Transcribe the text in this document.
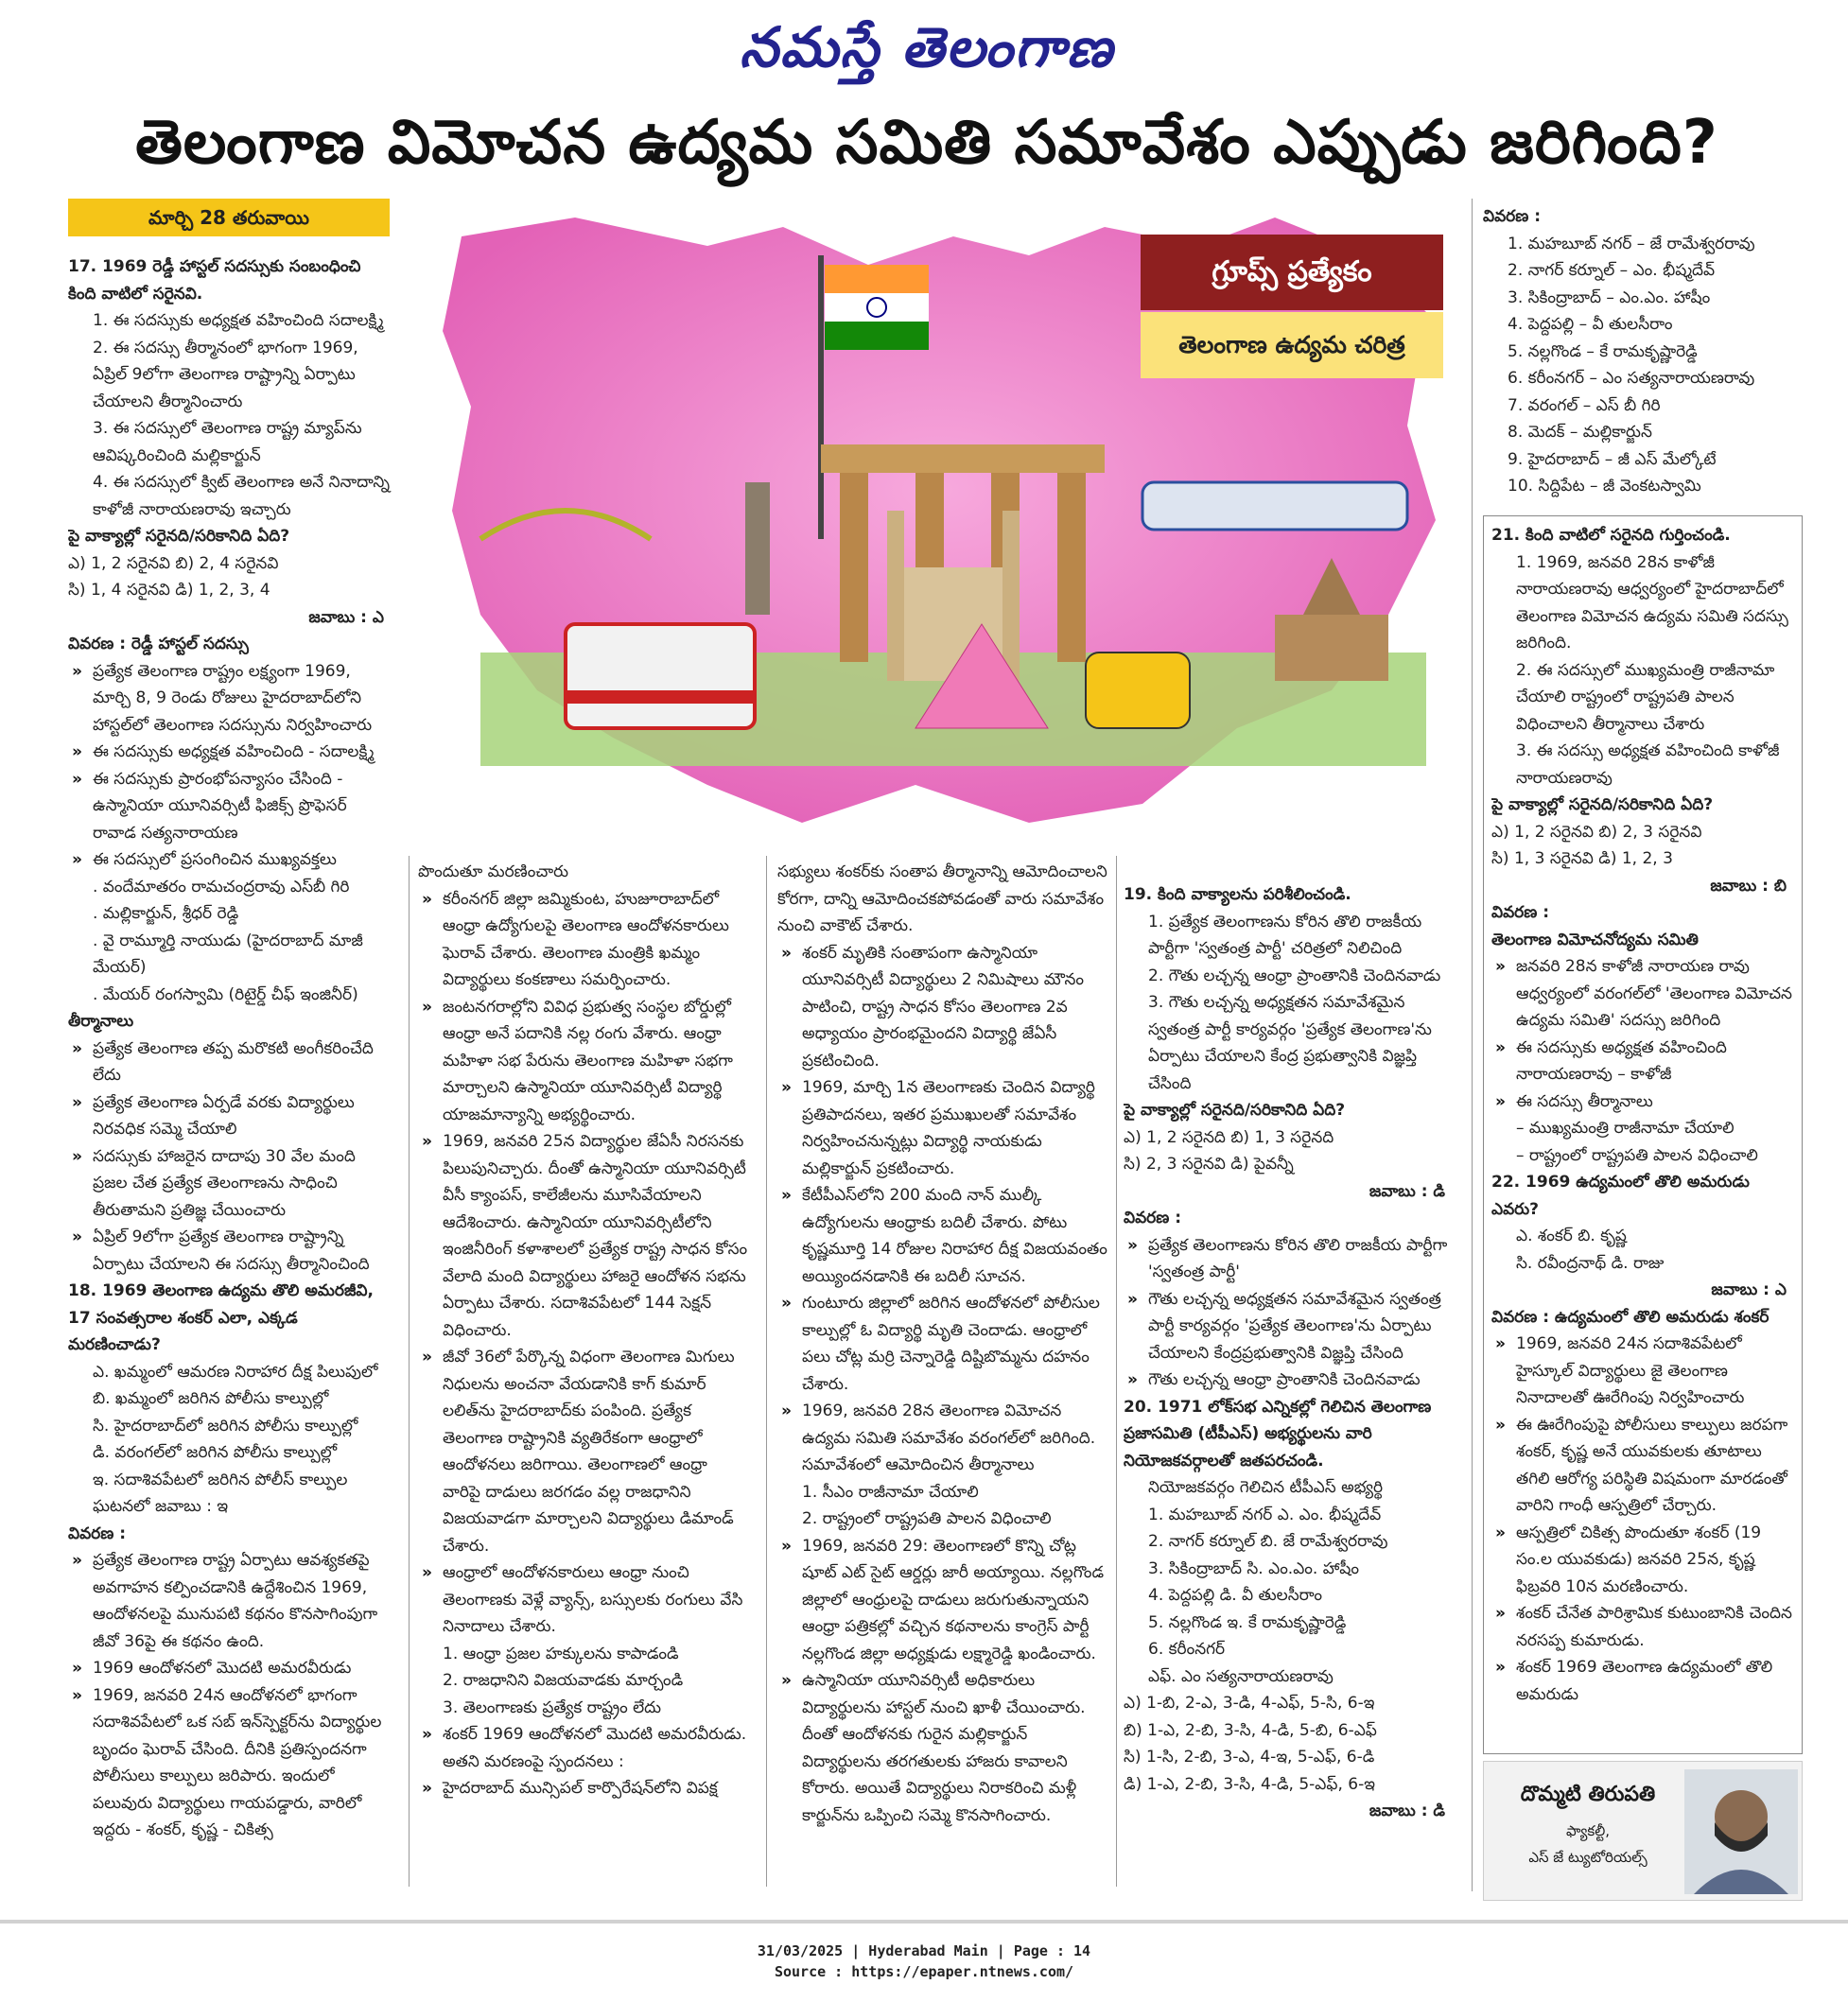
నమస్తే తెలంగాణ
తెలంగాణ విమోచన ఉద్యమ సమితి సమావేశం ఎప్పుడు జరిగింది?
మార్చి 28 తరువాయి

17. 1969 రెడ్డీ హాస్టల్ సదస్సుకు సంబంధించి కింది వాటిలో సరైనవి.

1. ఈ సదస్సుకు అధ్యక్షత వహించింది సదాలక్ష్మి

2. ఈ సదస్సు తీర్మానంలో భాగంగా 1969, ఏప్రిల్ 9లోగా తెలంగాణ రాష్ట్రాన్ని ఏర్పాటు చేయాలని తీర్మానించారు

3. ఈ సదస్సులో తెలంగాణ రాష్ట్ర మ్యాప్‌ను ఆవిష్కరించింది మల్లికార్జున్

4. ఈ సదస్సులో క్విట్ తెలంగాణ అనే నినాదాన్ని కాళోజీ నారాయణరావు ఇచ్చారు

పై వాక్యాల్లో సరైనది/సరికానిది ఏది?

ఎ) 1, 2 సరైనవి బి) 2, 4 సరైనవి

సి) 1, 4 సరైనవి డి) 1, 2, 3, 4

జవాబు : ఎ

వివరణ : రెడ్డీ హాస్టల్ సదస్సు

» ప్రత్యేక తెలంగాణ రాష్ట్రం లక్ష్యంగా 1969, మార్చి 8, 9 రెండు రోజులు హైదరాబాద్‌లోని హాస్టల్‌లో తెలంగాణ సదస్సును నిర్వహించారు

» ఈ సదస్సుకు అధ్యక్షత వహించింది - సదాలక్ష్మి

» ఈ సదస్సుకు ప్రారంభోపన్యాసం చేసింది - ఉస్మానియా యూనివర్సిటీ ఫిజిక్స్ ప్రొఫెసర్ రావాడ సత్యనారాయణ

» ఈ సదస్సులో ప్రసంగించిన ముఖ్యవక్తలు

. వందేమాతరం రామచంద్రరావు ఎస్‌బీ గిరి

. మల్లికార్జున్, శ్రీధర్ రెడ్డి

. వై రామ్మూర్తి నాయుడు (హైదరాబాద్ మాజీ మేయర్)

. మేయర్ రంగస్వామి (రిటైర్డ్ చీఫ్ ఇంజినీర్)

తీర్మానాలు

» ప్రత్యేక తెలంగాణ తప్ప మరొకటి అంగీకరించేది లేదు

» ప్రత్యేక తెలంగాణ ఏర్పడే వరకు విద్యార్థులు నిరవధిక సమ్మె చేయాలి

» సదస్సుకు హాజరైన దాదాపు 30 వేల మంది ప్రజల చేత ప్రత్యేక తెలంగాణను సాధించి తీరుతామని ప్రతిజ్ఞ చేయించారు

» ఏప్రిల్ 9లోగా ప్రత్యేక తెలంగాణ రాష్ట్రాన్ని ఏర్పాటు చేయాలని ఈ సదస్సు తీర్మానించింది

18. 1969 తెలంగాణ ఉద్యమ తొలి అమరజీవి, 17 సంవత్సరాల శంకర్ ఎలా, ఎక్కడ మరణించాడు?

ఎ. ఖమ్మంలో ఆమరణ నిరాహార దీక్ష పిలుపులో

బి. ఖమ్మంలో జరిగిన పోలీసు కాల్పుల్లో

సి. హైదరాబాద్‌లో జరిగిన పోలీసు కాల్పుల్లో

డి. వరంగల్‌లో జరిగిన పోలీసు కాల్పుల్లో

ఇ. సదాశివపేటలో జరిగిన పోలీస్ కాల్పుల ఘటనలో జవాబు : ఇ

వివరణ :

» ప్రత్యేక తెలంగాణ రాష్ట్ర ఏర్పాటు ఆవశ్యకతపై అవగాహన కల్పించడానికి ఉద్దేశించిన 1969, ఆందోళనలపై మునుపటి కథనం కొనసాగింపుగా జీవో 36పై ఈ కథనం ఉంది.

» 1969 ఆందోళనలో మొదటి అమరవీరుడు

» 1969, జనవరి 24న ఆందోళనలో భాగంగా సదాశివపేటలో ఒక సబ్ ఇన్‌స్పెక్టర్‌ను విద్యార్థుల బృందం ఘెరావ్ చేసింది. దీనికి ప్రతిస్పందనగా పోలీసులు కాల్పులు జరిపారు. ఇందులో పలువురు విద్యార్థులు గాయపడ్డారు, వారిలో ఇద్దరు - శంకర్, కృష్ణ - చికిత్స

గ్రూప్స్ ప్రత్యేకం
తెలంగాణ ఉద్యమ చరిత్ర

పొందుతూ మరణించారు

» కరీంనగర్ జిల్లా జమ్మికుంట, హుజూరాబాద్‌లో ఆంధ్రా ఉద్యోగులపై తెలంగాణ ఆందోళనకారులు ఘెరావ్ చేశారు. తెలంగాణ మంత్రికి ఖమ్మం విద్యార్థులు కంకణాలు సమర్పించారు.

» జంటనగరాల్లోని వివిధ ప్రభుత్వ సంస్థల బోర్డుల్లో ఆంధ్రా అనే పదానికి నల్ల రంగు వేశారు. ఆంధ్రా మహిళా సభ పేరును తెలంగాణ మహిళా సభగా మార్చాలని ఉస్మానియా యూనివర్సిటీ విద్యార్థి యాజమాన్యాన్ని అభ్యర్థించారు.

» 1969, జనవరి 25న విద్యార్థుల జేఏసీ నిరసనకు పిలుపునిచ్చారు. దీంతో ఉస్మానియా యూనివర్సిటీ వీసీ క్యాంపస్, కాలేజీలను మూసివేయాలని ఆదేశించారు. ఉస్మానియా యూనివర్సిటీలోని ఇంజినీరింగ్ కళాశాలలో ప్రత్యేక రాష్ట్ర సాధన కోసం వేలాది మంది విద్యార్థులు హాజరై ఆందోళన సభను ఏర్పాటు చేశారు. సదాశివపేటలో 144 సెక్షన్ విధించారు.

» జీవో 36లో పేర్కొన్న విధంగా తెలంగాణ మిగులు నిధులను అంచనా వేయడానికి కాగ్ కుమార్ లలిత్‌ను హైదరాబాద్‌కు పంపింది. ప్రత్యేక తెలంగాణ రాష్ట్రానికి వ్యతిరేకంగా ఆంధ్రాలో ఆందోళనలు జరిగాయి. తెలంగాణలో ఆంధ్రా వారిపై దాడులు జరగడం వల్ల రాజధానిని విజయవాడగా మార్చాలని విద్యార్థులు డిమాండ్ చేశారు.

» ఆంధ్రాలో ఆందోళనకారులు ఆంధ్రా నుంచి తెలంగాణకు వెళ్లే వ్యాన్స్, బస్సులకు రంగులు వేసి నినాదాలు చేశారు.

1. ఆంధ్రా ప్రజల హక్కులను కాపాడండి

2. రాజధానిని విజయవాడకు మార్చండి

3. తెలంగాణకు ప్రత్యేక రాష్ట్రం లేదు

» శంకర్ 1969 ఆందోళనలో మొదటి అమరవీరుడు.

అతని మరణంపై స్పందనలు :

» హైదరాబాద్ మున్సిపల్ కార్పొరేషన్‌లోని విపక్ష

సభ్యులు శంకర్‌కు సంతాప తీర్మానాన్ని ఆమోదించాలని కోరగా, దాన్ని ఆమోదించకపోవడంతో వారు సమావేశం నుంచి వాకౌట్ చేశారు.

» శంకర్ మృతికి సంతాపంగా ఉస్మానియా యూనివర్సిటీ విద్యార్థులు 2 నిమిషాలు మౌనం పాటించి, రాష్ట్ర సాధన కోసం తెలంగాణ 2వ అధ్యాయం ప్రారంభమైందని విద్యార్థి జేఏసీ ప్రకటించింది.

» 1969, మార్చి 1న తెలంగాణకు చెందిన విద్యార్థి ప్రతిపాదనలు, ఇతర ప్రముఖులతో సమావేశం నిర్వహించనున్నట్లు విద్యార్థి నాయకుడు మల్లికార్జున్ ప్రకటించారు.

» కేటీపీఎస్‌లోని 200 మంది నాన్ ముల్కీ ఉద్యోగులను ఆంధ్రాకు బదిలీ చేశారు. పోటు కృష్ణమూర్తి 14 రోజుల నిరాహార దీక్ష విజయవంతం అయ్యిందనడానికి ఈ బదిలీ సూచన.

» గుంటూరు జిల్లాలో జరిగిన ఆందోళనలో పోలీసుల కాల్పుల్లో ఓ విద్యార్థి మృతి చెందాడు. ఆంధ్రాలో పలు చోట్ల మర్రి చెన్నారెడ్డి దిష్టిబొమ్మను దహనం చేశారు.

» 1969, జనవరి 28న తెలంగాణ విమోచన ఉద్యమ సమితి సమావేశం వరంగల్‌లో జరిగింది. సమావేశంలో ఆమోదించిన తీర్మానాలు

1. సీఎం రాజీనామా చేయాలి

2. రాష్ట్రంలో రాష్ట్రపతి పాలన విధించాలి

» 1969, జనవరి 29: తెలంగాణలో కొన్ని చోట్ల షూట్ ఎట్ సైట్ ఆర్డర్లు జారీ అయ్యాయి. నల్లగొండ జిల్లాలో ఆంధ్రులపై దాడులు జరుగుతున్నాయని ఆంధ్రా పత్రికల్లో వచ్చిన కథనాలను కాంగ్రెస్ పార్టీ నల్లగొండ జిల్లా అధ్యక్షుడు లక్ష్మారెడ్డి ఖండించారు.

» ఉస్మానియా యూనివర్సిటీ అధికారులు విద్యార్థులను హాస్టల్ నుంచి ఖాళీ చేయించారు. దీంతో ఆందోళనకు గురైన మల్లికార్జున్ విద్యార్థులను తరగతులకు హాజరు కావాలని కోరారు. అయితే విద్యార్థులు నిరాకరించి మళ్లీ కార్జున్‌ను ఒప్పించి సమ్మె కొనసాగించారు.

19. కింది వాక్యాలను పరిశీలించండి.

1. ప్రత్యేక తెలంగాణను కోరిన తొలి రాజకీయ పార్టీగా 'స్వతంత్ర పార్టీ' చరిత్రలో నిలిచింది

2. గౌతు లచ్చన్న ఆంధ్రా ప్రాంతానికి చెందినవాడు

3. గౌతు లచ్చన్న అధ్యక్షతన సమావేశమైన స్వతంత్ర పార్టీ కార్యవర్గం 'ప్రత్యేక తెలంగాణ'ను ఏర్పాటు చేయాలని కేంద్ర ప్రభుత్వానికి విజ్ఞప్తి చేసింది

పై వాక్యాల్లో సరైనది/సరికానిది ఏది?

ఎ) 1, 2 సరైనది బి) 1, 3 సరైనది

సి) 2, 3 సరైనవి డి) పైవన్నీ

జవాబు : డి

వివరణ :

» ప్రత్యేక తెలంగాణను కోరిన తొలి రాజకీయ పార్టీగా 'స్వతంత్ర పార్టీ'

» గౌతు లచ్చన్న అధ్యక్షతన సమావేశమైన స్వతంత్ర పార్టీ కార్యవర్గం 'ప్రత్యేక తెలంగాణ'ను ఏర్పాటు చేయాలని కేంద్రప్రభుత్వానికి విజ్ఞప్తి చేసింది

» గౌతు లచ్చన్న ఆంధ్రా ప్రాంతానికి చెందినవాడు

20. 1971 లోక్‌సభ ఎన్నికల్లో గెలిచిన తెలంగాణ ప్రజాసమితి (టీపీఎస్) అభ్యర్థులను వారి నియోజకవర్గాలతో జతపరచండి.

నియోజకవర్గం గెలిచిన టీపీఎస్ అభ్యర్థి

1. మహబూబ్ నగర్ ఎ. ఎం. భీష్మదేవ్

2. నాగర్ కర్నూల్ బి. జే రామేశ్వరరావు

3. సికింద్రాబాద్ సి. ఎం.ఎం. హాషీం

4. పెద్దపల్లి డి. వీ తులసీరాం

5. నల్లగొండ ఇ. కే రామకృష్ణారెడ్డి

6. కరీంనగర్

ఎఫ్. ఎం సత్యనారాయణరావు

ఎ) 1-బి, 2-ఎ, 3-డి, 4-ఎఫ్, 5-సి, 6-ఇ

బి) 1-ఎ, 2-బి, 3-సి, 4-డి, 5-బి, 6-ఎఫ్

సి) 1-సి, 2-బి, 3-ఎ, 4-ఇ, 5-ఎఫ్, 6-డి

డి) 1-ఎ, 2-బి, 3-సి, 4-డి, 5-ఎఫ్, 6-ఇ

జవాబు : డి

వివరణ :

1. మహబూబ్ నగర్ – జే రామేశ్వరరావు

2. నాగర్ కర్నూల్ – ఎం. భీష్మదేవ్

3. సికింద్రాబాద్ – ఎం.ఎం. హాషీం

4. పెద్దపల్లి – వీ తులసీరాం

5. నల్లగొండ – కే రామకృష్ణారెడ్డి

6. కరీంనగర్ – ఎం సత్యనారాయణరావు

7. వరంగల్ – ఎస్ బీ గిరి

8. మెదక్ – మల్లికార్జున్

9. హైదరాబాద్ – జీ ఎస్ మేల్కోటే

10. సిద్దిపేట – జీ వెంకటస్వామి

21. కింది వాటిలో సరైనది గుర్తించండి.

1. 1969, జనవరి 28న కాళోజీ నారాయణరావు ఆధ్వర్యంలో హైదరాబాద్‌లో తెలంగాణ విమోచన ఉద్యమ సమితి సదస్సు జరిగింది.

2. ఈ సదస్సులో ముఖ్యమంత్రి రాజీనామా చేయాలి రాష్ట్రంలో రాష్ట్రపతి పాలన విధించాలని తీర్మానాలు చేశారు

3. ఈ సదస్సు అధ్యక్షత వహించింది కాళోజీ నారాయణరావు

పై వాక్యాల్లో సరైనది/సరికానిది ఏది?

ఎ) 1, 2 సరైనవి బి) 2, 3 సరైనవి

సి) 1, 3 సరైనవి డి) 1, 2, 3

జవాబు : బి

వివరణ :

తెలంగాణ విమోచనోద్యమ సమితి

» జనవరి 28న కాళోజీ నారాయణ రావు ఆధ్వర్యంలో వరంగల్‌లో 'తెలంగాణ విమోచన ఉద్యమ సమితి' సదస్సు జరిగింది

» ఈ సదస్సుకు అధ్యక్షత వహించింది నారాయణరావు – కాళోజీ

» ఈ సదస్సు తీర్మానాలు

– ముఖ్యమంత్రి రాజీనామా చేయాలి

– రాష్ట్రంలో రాష్ట్రపతి పాలన విధించాలి

22. 1969 ఉద్యమంలో తొలి అమరుడు ఎవరు?

ఎ. శంకర్ బి. కృష్ణ

సి. రవీంద్రనాథ్ డి. రాజు

జవాబు : ఎ

వివరణ : ఉద్యమంలో తొలి అమరుడు శంకర్

» 1969, జనవరి 24న సదాశివపేటలో హైస్కూల్ విద్యార్థులు జై తెలంగాణ నినాదాలతో ఊరేగింపు నిర్వహించారు

» ఈ ఊరేగింపుపై పోలీసులు కాల్పులు జరపగా శంకర్, కృష్ణ అనే యువకులకు తూటాలు తగిలి ఆరోగ్య పరిస్థితి విషమంగా మారడంతో వారిని గాంధీ ఆస్పత్రిలో చేర్చారు.

» ఆస్పత్రిలో చికిత్స పొందుతూ శంకర్ (19 సం.ల యువకుడు) జనవరి 25న, కృష్ణ ఫిబ్రవరి 10న మరణించారు.

» శంకర్ చేనేత పారిశ్రామిక కుటుంబానికి చెందిన నరసప్ప కుమారుడు.

» శంకర్ 1969 తెలంగాణ ఉద్యమంలో తొలి అమరుడు

దొమ్మటి తిరుపతి
ఫ్యాకల్టీ,
ఎస్ జే ట్యుటోరియల్స్
31/03/2025 | Hyderabad Main | Page : 14
Source : https://epaper.ntnews.com/
